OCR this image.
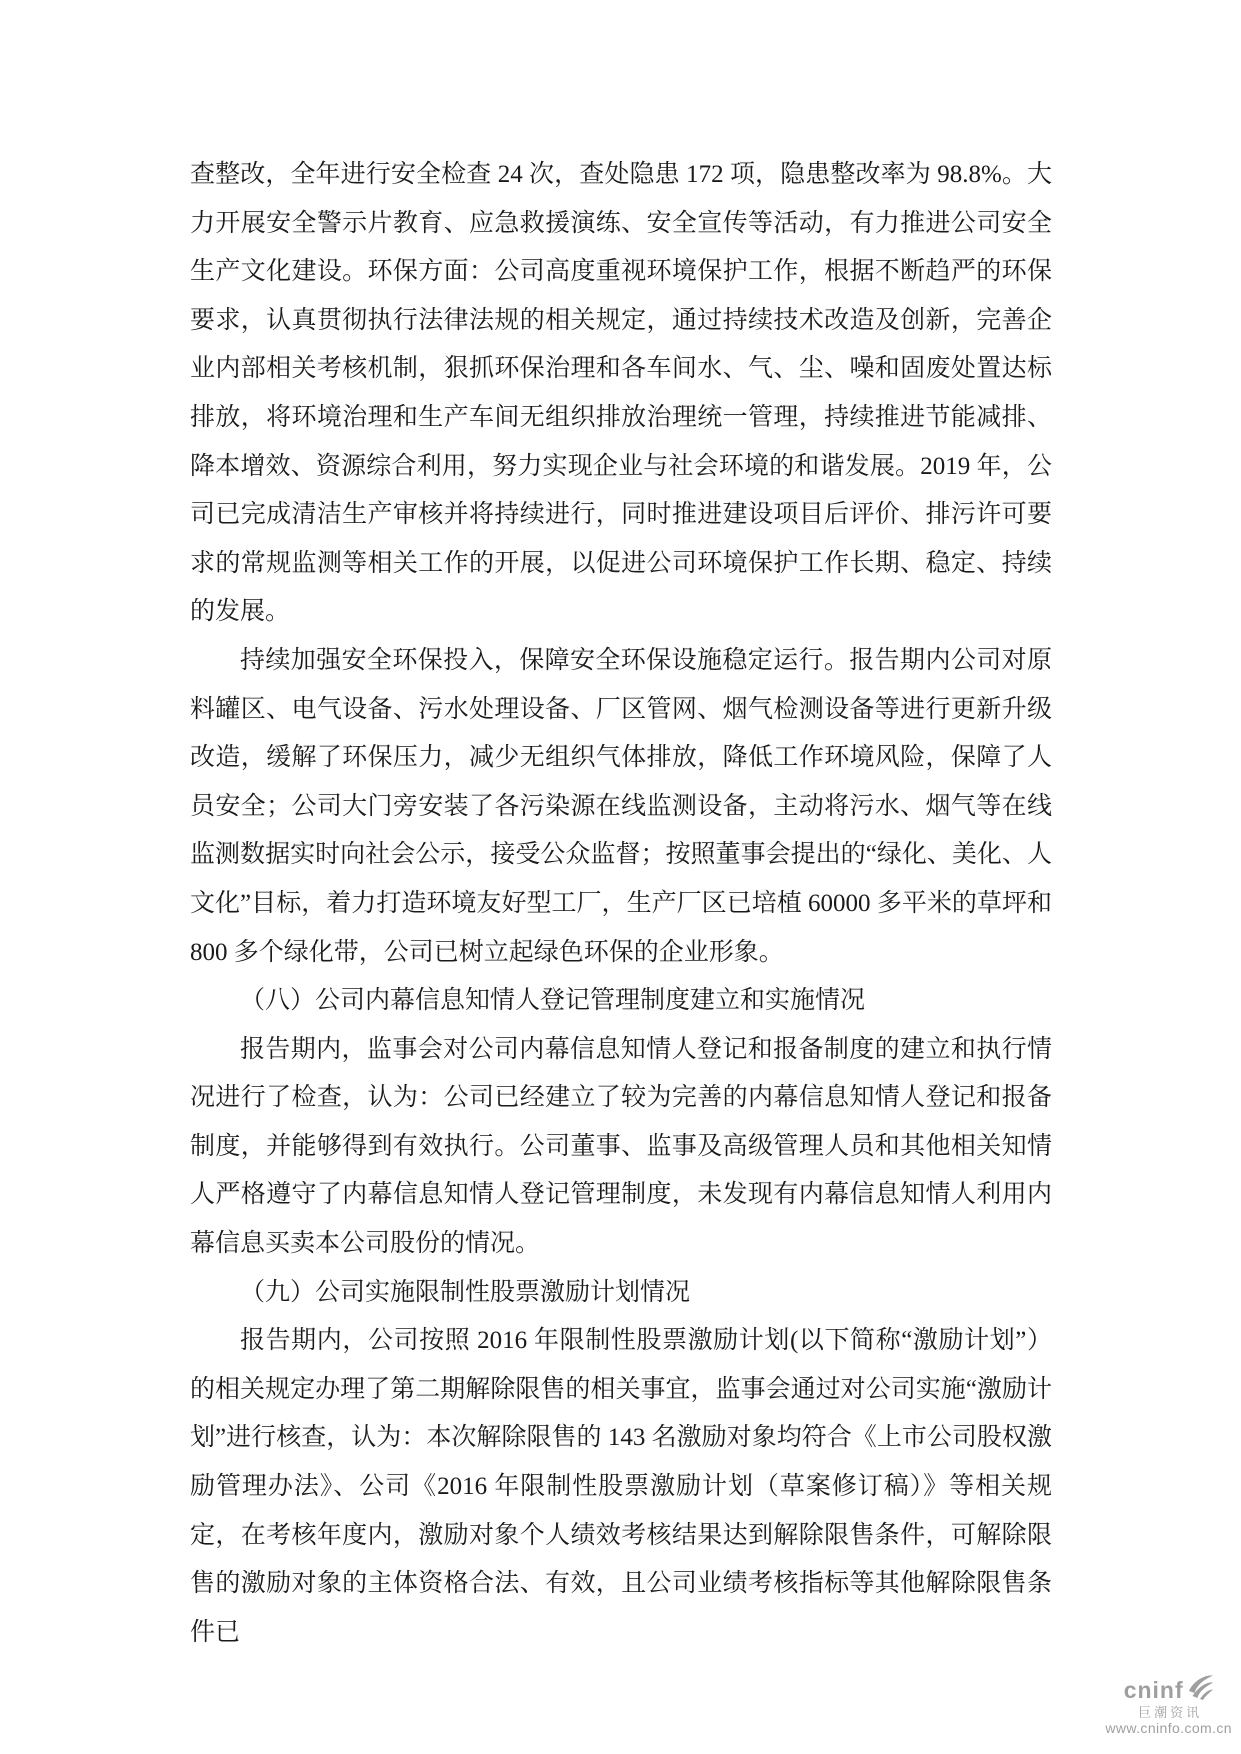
查整改，全年进行安全检查 24 次，查处隐患 172 项，隐患整改率为 98.8%。大力开展安全警示片教育、应急救援演练、安全宣传等活动，有力推进公司安全生产文化建设。环保方面：公司高度重视环境保护工作，根据不断趋严的环保要求，认真贯彻执行法律法规的相关规定，通过持续技术改造及创新，完善企业内部相关考核机制，狠抓环保治理和各车间水、气、尘、噪和固废处置达标排放，将环境治理和生产车间无组织排放治理统一管理，持续推进节能减排、降本增效、资源综合利用，努力实现企业与社会环境的和谐发展。2019 年，公司已完成清洁生产审核并将持续进行，同时推进建设项目后评价、排污许可要求的常规监测等相关工作的开展，以促进公司环境保护工作长期、稳定、持续的发展。

持续加强安全环保投入，保障安全环保设施稳定运行。报告期内公司对原料罐区、电气设备、污水处理设备、厂区管网、烟气检测设备等进行更新升级改造，缓解了环保压力，减少无组织气体排放，降低工作环境风险，保障了人员安全；公司大门旁安装了各污染源在线监测设备，主动将污水、烟气等在线监测数据实时向社会公示，接受公众监督；按照董事会提出的“绿化、美化、人文化”目标，着力打造环境友好型工厂，生产厂区已培植 60000 多平米的草坪和 800 多个绿化带，公司已树立起绿色环保的企业形象。

（八）公司内幕信息知情人登记管理制度建立和实施情况

报告期内，监事会对公司内幕信息知情人登记和报备制度的建立和执行情况进行了检查，认为：公司已经建立了较为完善的内幕信息知情人登记和报备制度，并能够得到有效执行。公司董事、监事及高级管理人员和其他相关知情人严格遵守了内幕信息知情人登记管理制度，未发现有内幕信息知情人利用内幕信息买卖本公司股份的情况。

（九）公司实施限制性股票激励计划情况

报告期内，公司按照 2016 年限制性股票激励计划(以下简称“激励计划”）的相关规定办理了第二期解除限售的相关事宜，监事会通过对公司实施“激励计划”进行核查，认为：本次解除限售的 143 名激励对象均符合《上市公司股权激励管理办法》、公司《2016 年限制性股票激励计划（草案修订稿）》等相关规定，在考核年度内，激励对象个人绩效考核结果达到解除限售条件，可解除限售的激励对象的主体资格合法、有效，且公司业绩考核指标等其他解除限售条件已

cninf
巨潮资讯
www.cninfo.com.cn
